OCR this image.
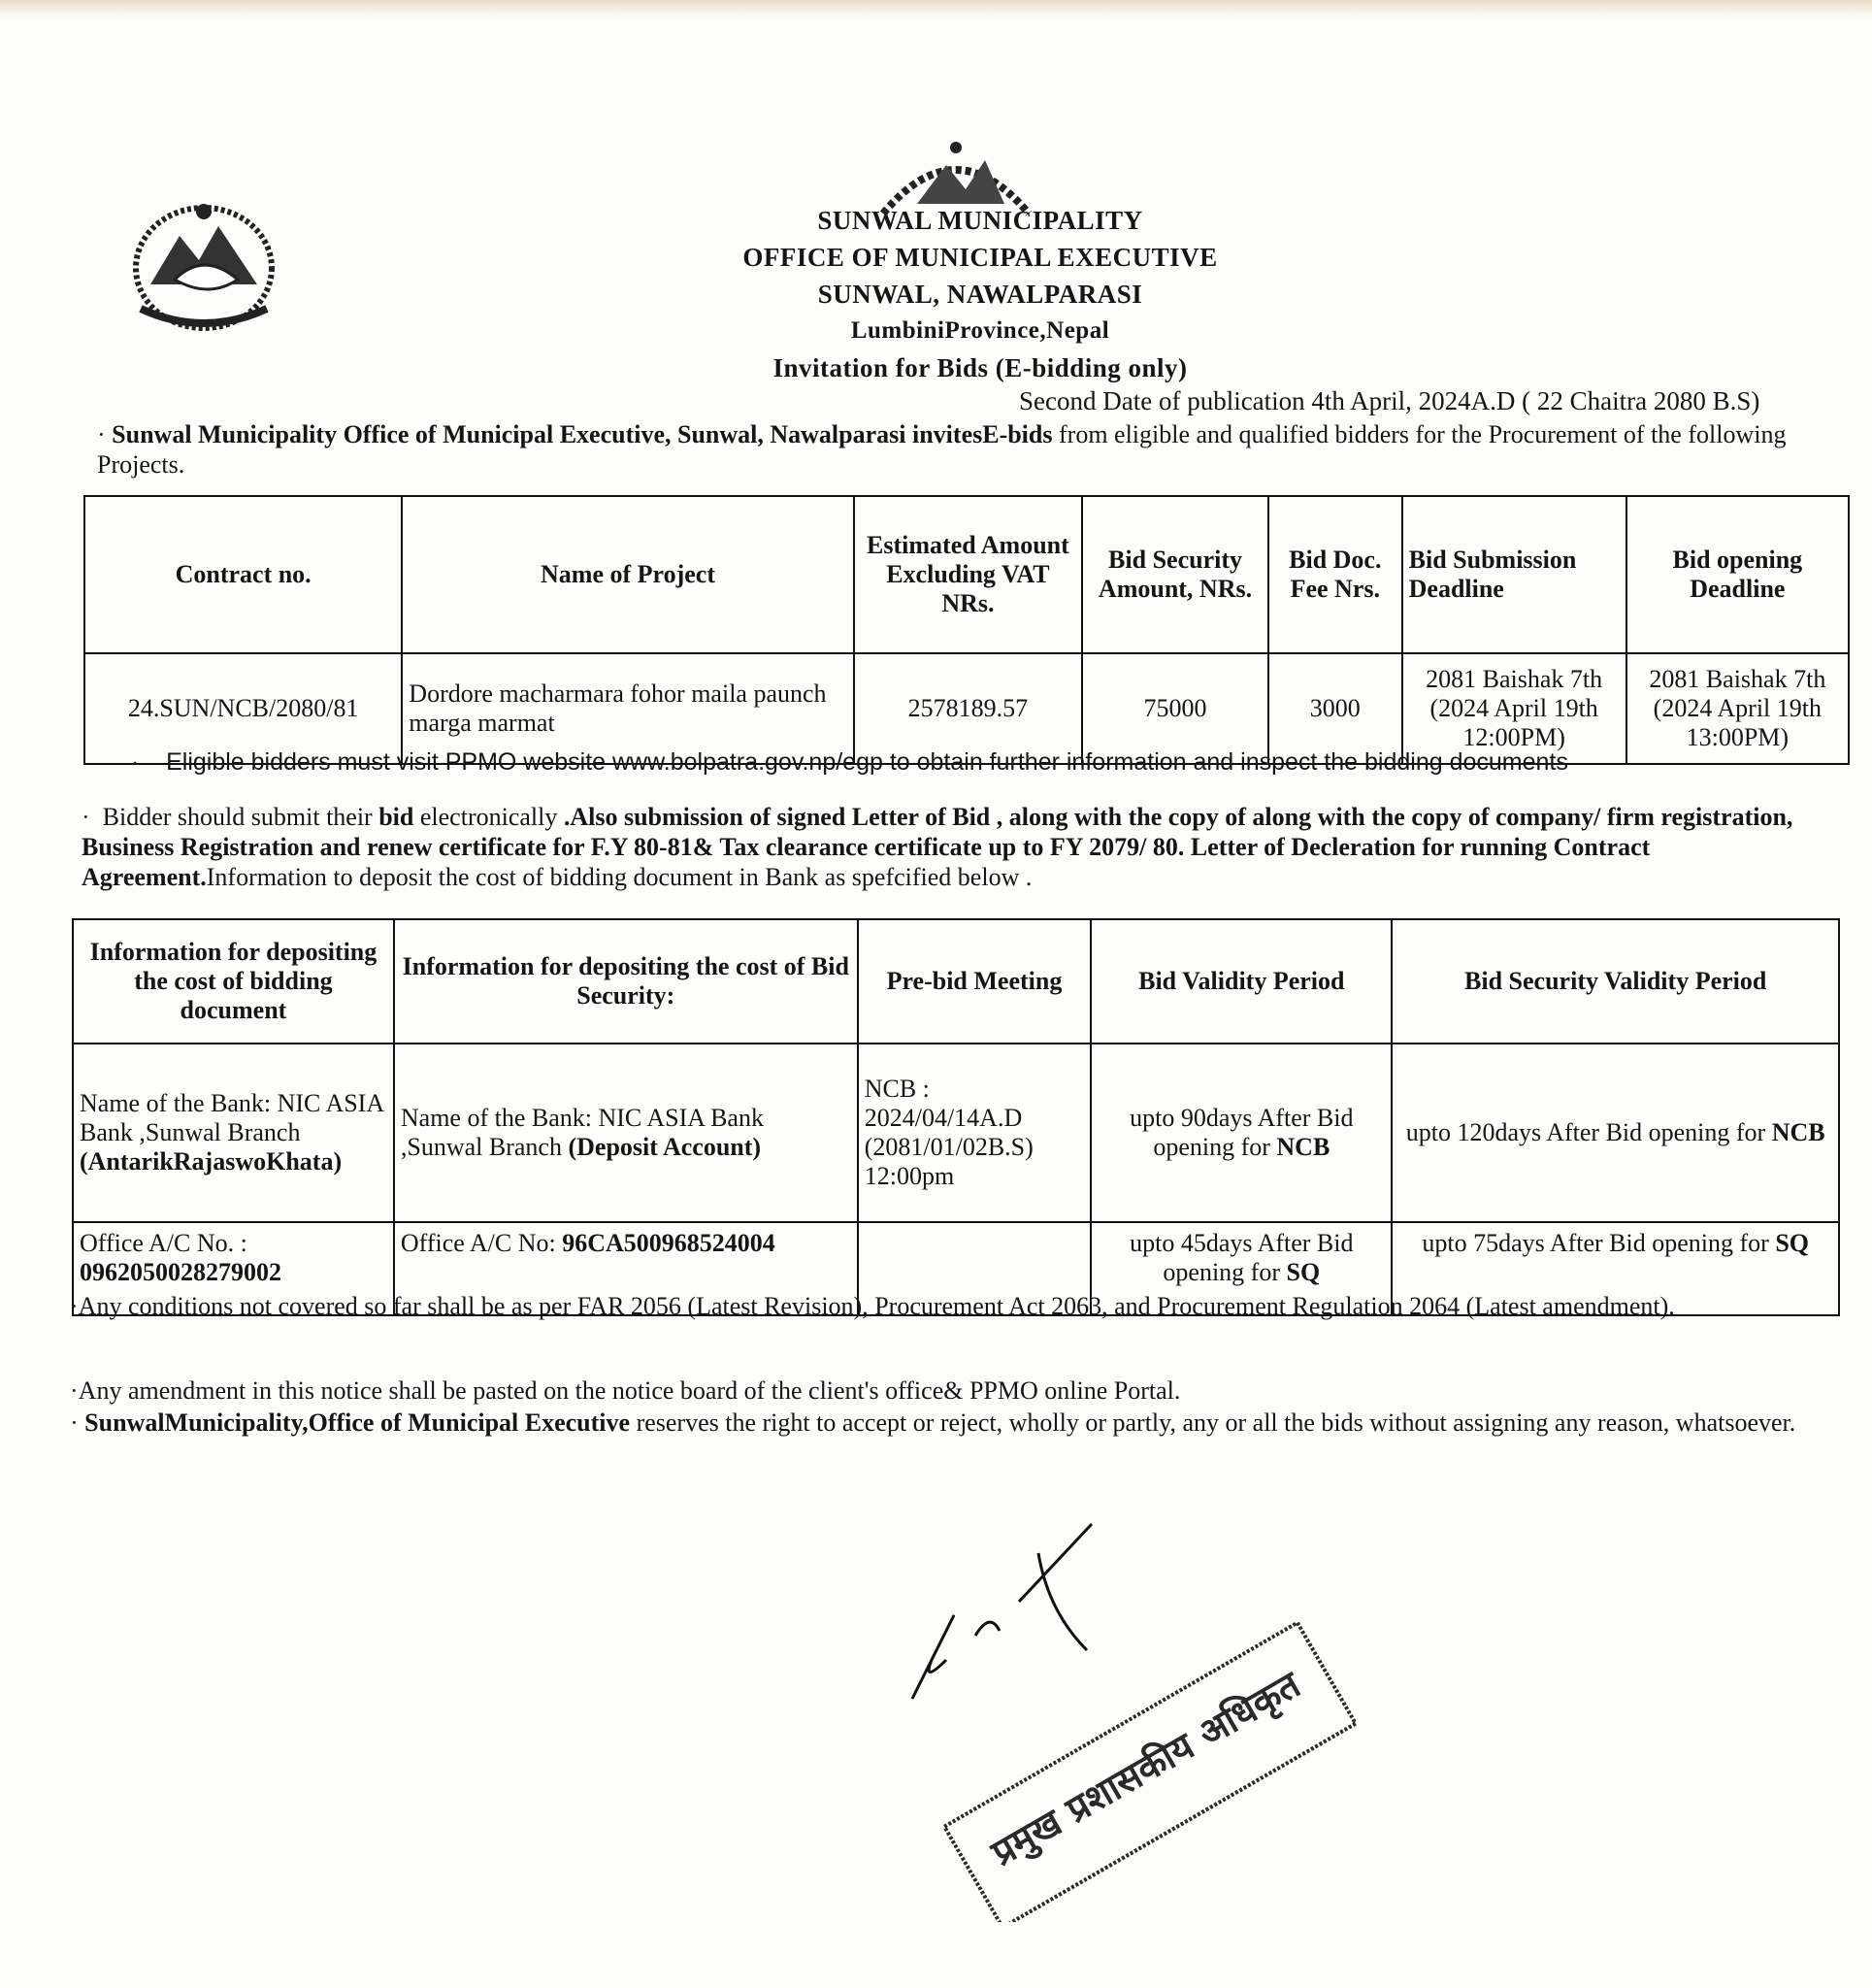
SUNWAL MUNICIPALITY
OFFICE OF MUNICIPAL EXECUTIVE
SUNWAL, NAWALPARASI
LumbiniProvince,Nepal
Invitation for Bids (E-bidding only)
Second Date of publication 4th April, 2024A.D ( 22 Chaitra 2080 B.S)
· Sunwal Municipality Office of Municipal Executive, Sunwal, Nawalparasi invitesE-bids from eligible and qualified bidders for the Procurement of the following Projects.
Contract no.	Name of Project	Estimated Amount Excluding VAT NRs.	Bid Security Amount, NRs.	Bid Doc. Fee Nrs.	Bid Submission Deadline	Bid opening Deadline
24.SUN/NCB/2080/81	Dordore macharmara fohor maila paunch marga marmat	2578189.57	75000	3000	2081 Baishak 7th (2024 April 19th 12:00PM)	2081 Baishak 7th (2024 April 19th 13:00PM)
·    Eligible bidders must visit PPMO website www.bolpatra.gov.np/egp to obtain further information and inspect the bidding documents
·  Bidder should submit their bid electronically .Also submission of signed Letter of Bid , along with the copy of along with the copy of company/ firm registration, Business Registration and renew certificate for F.Y 80-81& Tax clearance certificate up to FY 2079/ 80. Letter of Decleration for running Contract Agreement.Information to deposit the cost of bidding document in Bank as spefcified below .
Information for depositing the cost of bidding document	Information for depositing the cost of Bid Security:	Pre-bid Meeting	Bid Validity Period	Bid Security Validity Period
Name of the Bank: NIC ASIA Bank ,Sunwal Branch (AntarikRajaswoKhata)	Name of the Bank: NIC ASIA Bank ,Sunwal Branch (Deposit Account)	NCB : 2024/04/14A.D (2081/01/02B.S) 12:00pm	upto 90days After Bid opening for NCB	upto 120days After Bid opening for NCB
Office A/C No. : 0962050028279002	Office A/C No: 96CA500968524004		upto 45days After Bid opening for SQ	upto 75days After Bid opening for SQ
·Any conditions not covered so far shall be as per FAR 2056 (Latest Revision), Procurement Act 2063, and Procurement Regulation 2064 (Latest amendment).
·Any amendment in this notice shall be pasted on the notice board of the client's office& PPMO online Portal.
· SunwalMunicipality,Office of Municipal Executive reserves the right to accept or reject, wholly or partly, any or all the bids without assigning any reason, whatsoever.
प्रमुख प्रशासकीय अधिकृत
